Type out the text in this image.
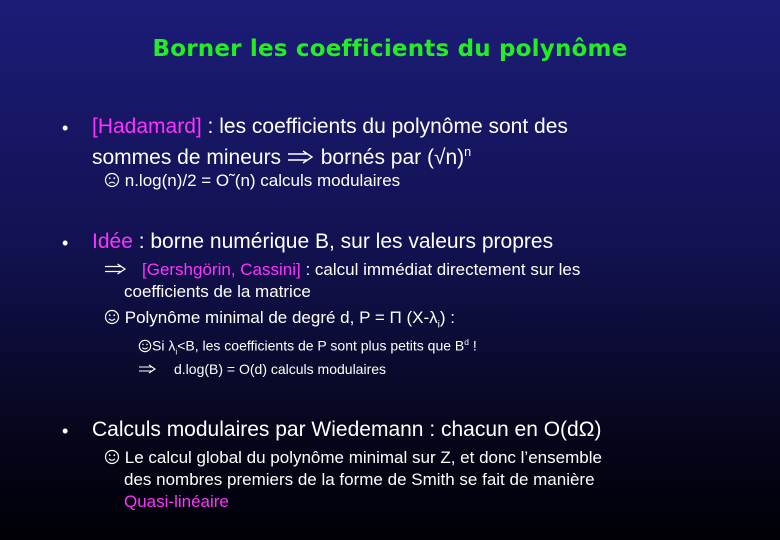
Borner les coefficients du polynôme
• [Hadamard] : les coefficients du polynôme sont des
sommes de mineurs  bornés par $(√n)^n$
n.log(n)/2 = O˜(n) calculs modulaires
• Idée : borne numérique B, sur les valeurs propres
[Gershgörin, Cassini] : calcul immédiat directement sur les
coefficients de la matrice
Polynôme minimal de degré d, P = Π $(X-\lambda_i)$ :
Si $\lambda_i<B$, les coefficients de P sont plus petits que $B^d$ !
d.log(B) = O(d) calculs modulaires
• Calculs modulaires par Wiedemann : chacun en O(dΩ)
Le calcul global du polynôme minimal sur Z, et donc l’ensemble
des nombres premiers de la forme de Smith se fait de manière
Quasi-linéaire
